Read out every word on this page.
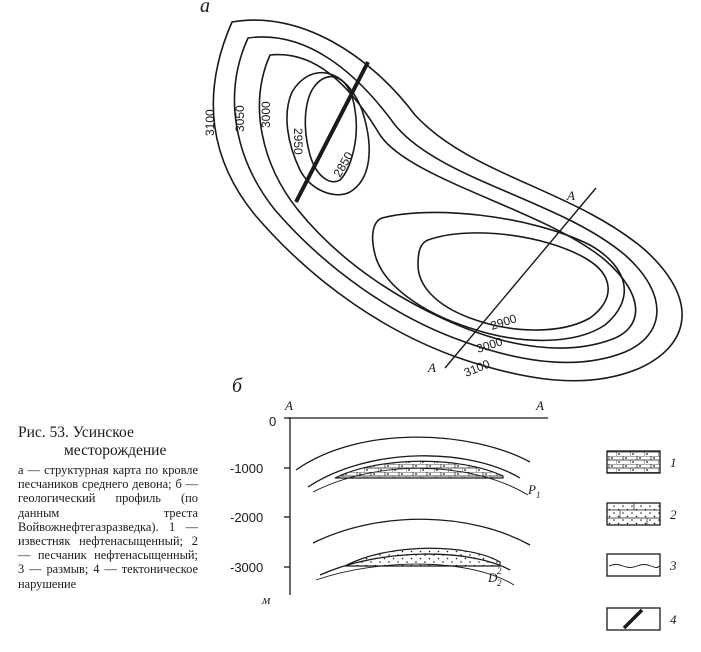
а
А
А
3100 3050 3000
2950
2850
2900
3000
3100
б
А	А
0
-1000
-2000
-3000
м
P 1
D 2
2
1
2
3
4

Рис. 53. Усинское

месторождение

а — структурная карта по кровле песчаников среднего девона; б — геологический профиль (по данным треста Войвожнефтегазразведка). 1 — известняк нефтенасыщенный; 2 — песчаник нефтенасыщенный; 3 — размыв; 4 — тектоническое нарушение
